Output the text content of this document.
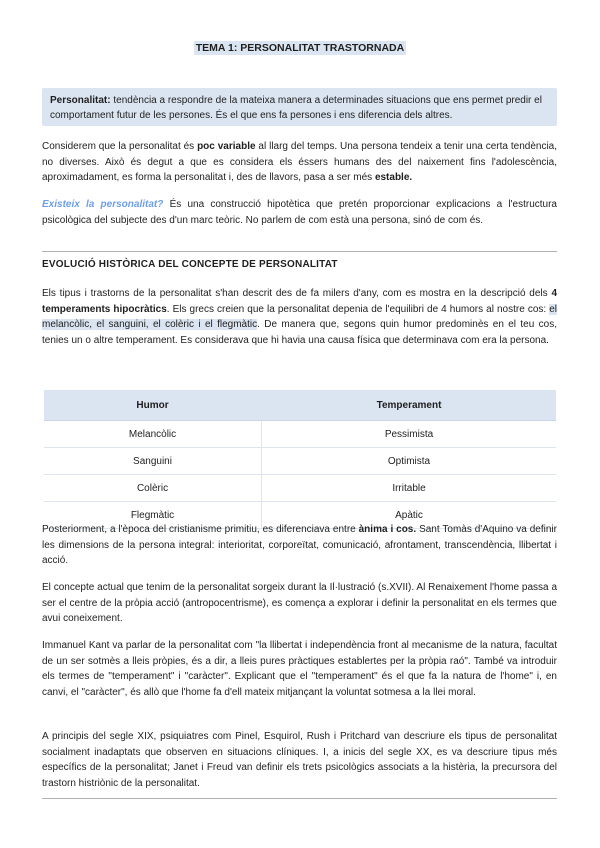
TEMA 1: PERSONALITAT TRASTORNADA

Personalitat: tendència a respondre de la mateixa manera a determinades situacions que ens permet predir el comportament futur de les persones. És el que ens fa persones i ens diferencia dels altres.

Considerem que la personalitat és poc variable al llarg del temps. Una persona tendeix a tenir una certa tendència, no diverses. Això és degut a que es considera els éssers humans des del naixement fins l'adolescència, aproximadament, es forma la personalitat i, des de llavors, pasa a ser més estable.

Existeix la personalitat? És una construcció hipotètica que pretén proporcionar explicacions a l'estructura psicològica del subjecte des d'un marc teòric. No parlem de com està una persona, sinó de com és.

EVOLUCIÓ HISTÒRICA DEL CONCEPTE DE PERSONALITAT

Els tipus i trastorns de la personalitat s'han descrit des de fa milers d'any, com es mostra en la descripció dels 4 temperaments hipocràtics. Els grecs creien que la personalitat depenia de l'equilibri de 4 humors al nostre cos: el melancòlic, el sanguini, el colèric i el flegmàtic. De manera que, segons quin humor predominès en el teu cos, tenies un o altre temperament. Es considerava que hi havia una causa física que determinava com era la persona.

Humor	Temperament
Melancòlic	Pessimista
Sanguini	Optimista
Colèric	Irritable
Flegmàtic	Apàtic

Posteriorment, a l'època del cristianisme primitiu, es diferenciava entre ànima i cos. Sant Tomàs d'Aquino va definir les dimensions de la persona integral: interioritat, corporeïtat, comunicació, afrontament, transcendència, llibertat i acció.

El concepte actual que tenim de la personalitat sorgeix durant la Il·lustració (s.XVII). Al Renaixement l'home passa a ser el centre de la pròpia acció (antropocentrisme), es comença a explorar i definir la personalitat en els termes que avui coneixement.

Immanuel Kant va parlar de la personalitat com "la llibertat i independència front al mecanisme de la natura, facultat de un ser sotmès a lleis pròpies, és a dir, a lleis pures pràctiques establertes per la pròpia raó". També va introduir els termes de "temperament" i "caràcter". Explicant que el "temperament" és el que fa la natura de l'home" i, en canvi, el "caràcter", és allò que l'home fa d'ell mateix mitjançant la voluntat sotmesa a la llei moral.

A principis del segle XIX, psiquiatres com Pinel, Esquirol, Rush i Pritchard van descriure els tipus de personalitat socialment inadaptats que observen en situacions clíniques. I, a inicis del segle XX, es va descriure tipus més específics de la personalitat; Janet i Freud van definir els trets psicològics associats a la histèria, la precursora del trastorn histriònic de la personalitat.
